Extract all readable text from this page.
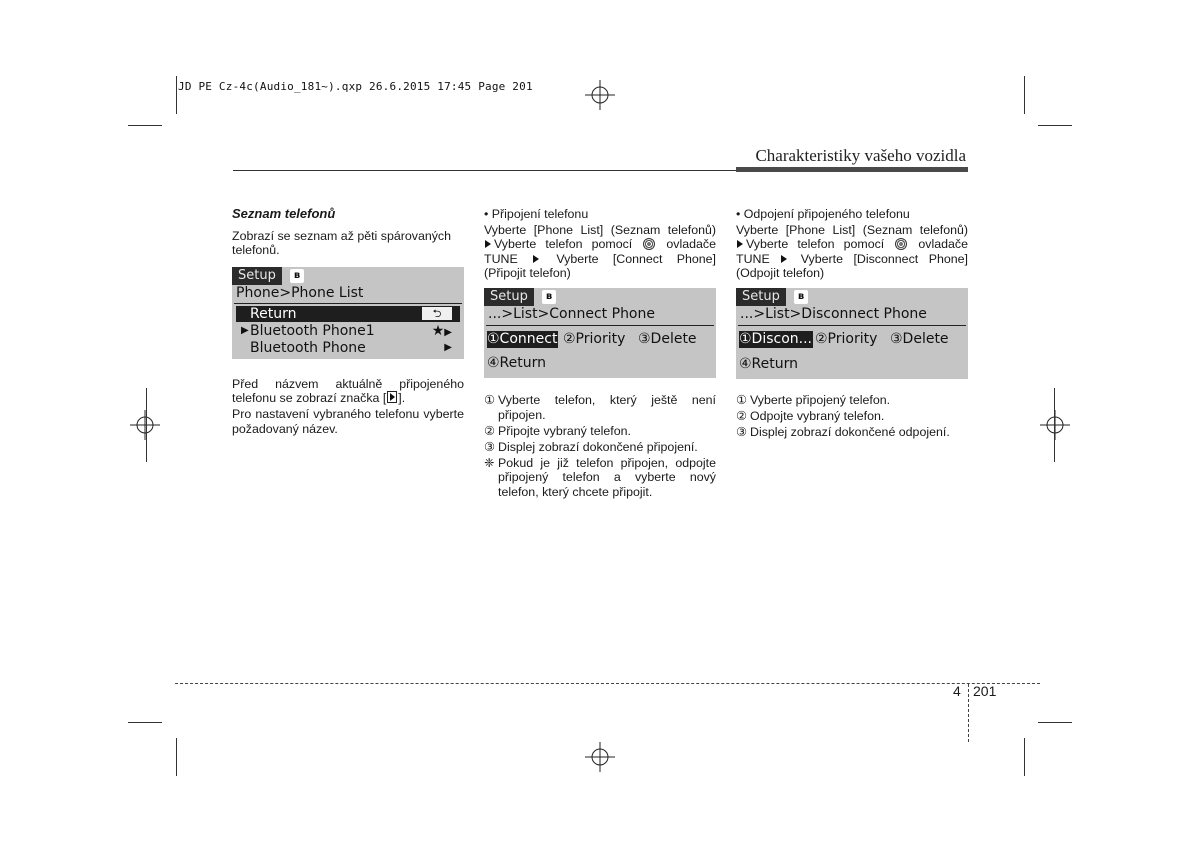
JD PE Cz-4c(Audio_181~).qxp 26.6.2015 17:45 Page 201
Charakteristiky vašeho vozidla
Seznam telefonů

Zobrazí se seznam až pěti spárovaných telefonů.

Setup	ʙ
Phone>Phone List
Return	⮌
▶ Bluetooth Phone1	★▶
Bluetooth Phone	▶

Před názvem aktuálně připojeného telefonu se zobrazí značka [ ].

Pro nastavení vybraného telefonu vyberte požadovaný název.

• Připojení telefonu

Vyberte [Phone List] (Seznam telefonů)

Vyberte telefon pomocí	ovladače

TUNE	Vyberte [Connect Phone]

(Připojit telefon)

Setup	ʙ
...>List>Connect Phone
①Connect ②Priority ③Delete
④Return
① Vyberte telefon, který ještě není připojen.
② Připojte vybraný telefon.
③ Displej zobrazí dokončené připojení.
❈ Pokud je již telefon připojen, odpojte připojený telefon a vyberte nový telefon, který chcete připojit.
• Odpojení připojeného telefonu

Vyberte [Phone List] (Seznam telefonů)

Vyberte telefon pomocí	ovladače

TUNE	Vyberte [Disconnect Phone]

(Odpojit telefon)

Setup	ʙ
...>List>Disconnect Phone
①Discon... ②Priority ③Delete
④Return
① Vyberte připojený telefon.
② Odpojte vybraný telefon.
③ Displej zobrazí dokončené odpojení.
4 201
